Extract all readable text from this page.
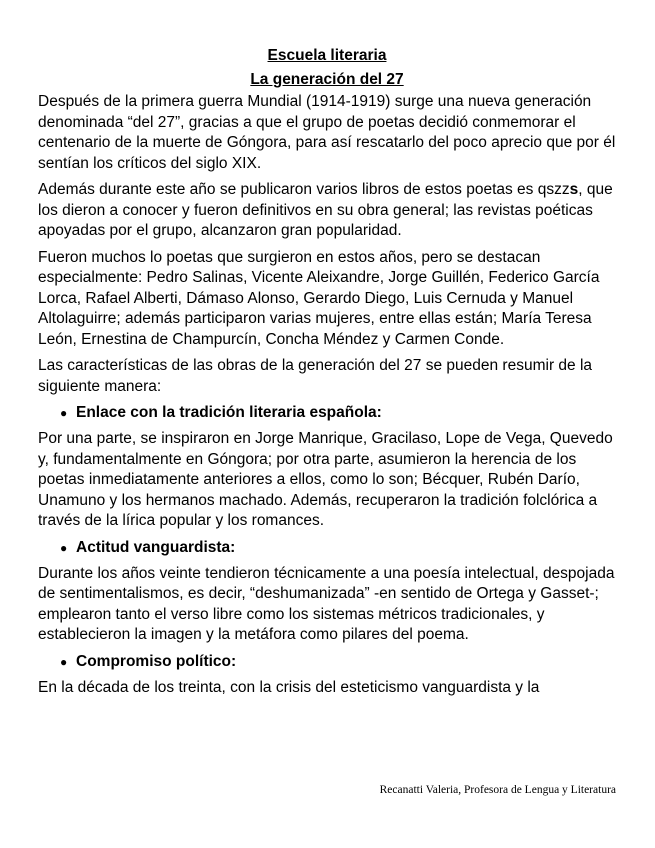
Escuela literaria

La generación del 27

Después de la primera guerra Mundial (1914-1919) surge una nueva generación denominada “del 27”, gracias a que el grupo de poetas decidió conmemorar el centenario de la muerte de Góngora, para así rescatarlo del poco aprecio que por él sentían los críticos del siglo XIX.

Además durante este año se publicaron varios libros de estos poetas es qszzs, que los dieron a conocer y fueron definitivos en su obra general; las revistas poéticas apoyadas por el grupo, alcanzaron gran popularidad.

Fueron muchos lo poetas que surgieron en estos años, pero se destacan especialmente: Pedro Salinas, Vicente Aleixandre, Jorge Guillén, Federico García Lorca, Rafael Alberti, Dámaso Alonso, Gerardo Diego, Luis Cernuda y Manuel Altolaguirre; además participaron varias mujeres, entre ellas están; María Teresa León, Ernestina de Champurcín, Concha Méndez y Carmen Conde.

Las características de las obras de la generación del 27 se pueden resumir de la siguiente manera:

● Enlace con la tradición literaria española:

Por una parte, se inspiraron en Jorge Manrique, Gracilaso, Lope de Vega, Quevedo y, fundamentalmente en Góngora; por otra parte, asumieron la herencia de los poetas inmediatamente anteriores a ellos, como lo son; Bécquer, Rubén Darío, Unamuno y los hermanos machado. Además, recuperaron la tradición folclórica a través de la lírica popular y los romances.

● Actitud vanguardista:

Durante los años veinte tendieron técnicamente a una poesía intelectual, despojada de sentimentalismos, es decir, “deshumanizada” -en sentido de Ortega y Gasset-; emplearon tanto el verso libre como los sistemas métricos tradicionales, y establecieron la imagen y la metáfora como pilares del poema.

● Compromiso político:

En la década de los treinta, con la crisis del esteticismo vanguardista y la

Recanatti Valeria, Profesora de Lengua y Literatura
